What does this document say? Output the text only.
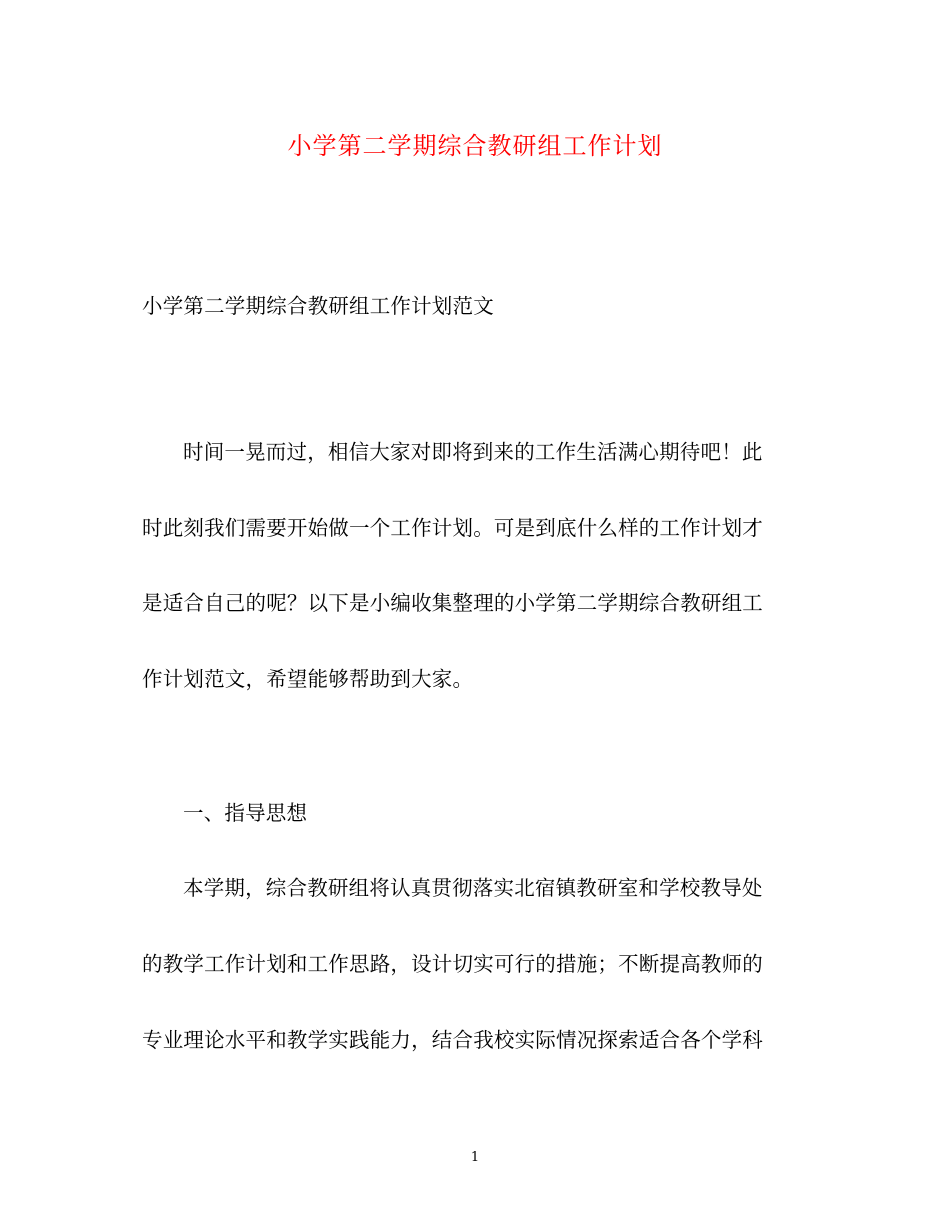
小学第二学期综合教研组工作计划
小学第二学期综合教研组工作计划范文
时间一晃而过，相信大家对即将到来的工作生活满心期待吧！此
时此刻我们需要开始做一个工作计划。可是到底什么样的工作计划才
是适合自己的呢？以下是小编收集整理的小学第二学期综合教研组工
作计划范文，希望能够帮助到大家。
一、指导思想
本学期，综合教研组将认真贯彻落实北宿镇教研室和学校教导处
的教学工作计划和工作思路，设计切实可行的措施；不断提高教师的
专业理论水平和教学实践能力，结合我校实际情况探索适合各个学科
1
